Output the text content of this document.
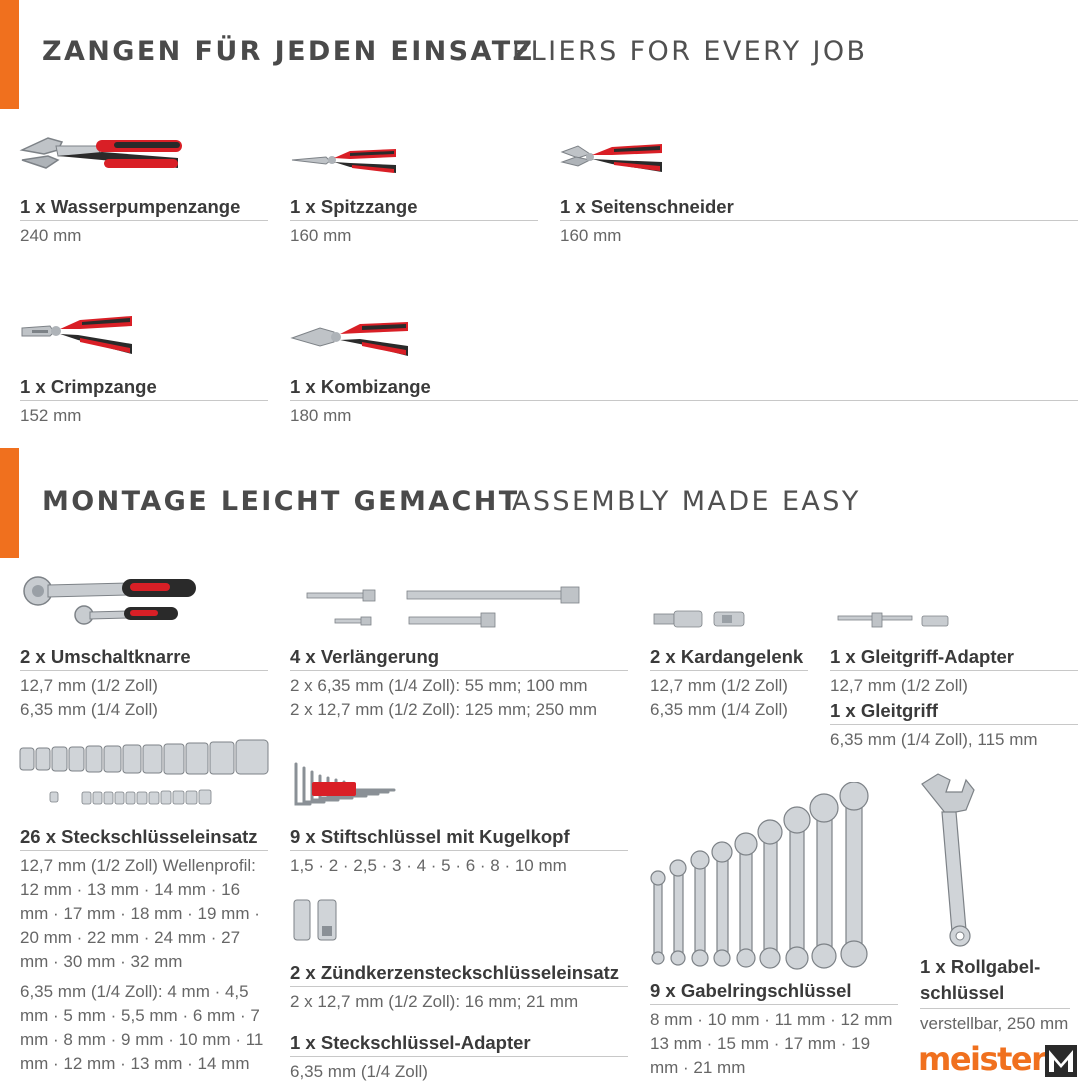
ZANGEN FÜR JEDEN EINSATZ
PLIERS FOR EVERY JOB
MONTAGE LEICHT GEMACHT
ASSEMBLY MADE EASY
1 x Wasserpumpenzange
240 mm
1 x Spitzzange
160 mm
1 x Seitenschneider
160 mm
1 x Crimpzange
152 mm
1 x Kombizange
180 mm
2 x Umschaltknarre
12,7 mm (1/2 Zoll)
6,35 mm (1/4 Zoll)
4 x Verlängerung
2 x 6,35 mm (1/4 Zoll): 55 mm; 100 mm
2 x 12,7 mm (1/2 Zoll): 125 mm; 250 mm
2 x Kardangelenk
12,7 mm (1/2 Zoll)
6,35 mm (1/4 Zoll)
1 x Gleitgriff-Adapter
12,7 mm (1/2 Zoll)
1 x Gleitgriff
6,35 mm (1/4 Zoll), 115 mm
26 x Steckschlüsseleinsatz
12,7 mm (1/2 Zoll) Wellenprofil: 12 mm · 13 mm · 14 mm · 16 mm · 17 mm · 18 mm · 19 mm · 20 mm · 22 mm · 24 mm · 27 mm · 30 mm · 32 mm
6,35 mm (1/4 Zoll): 4 mm · 4,5 mm · 5 mm · 5,5 mm · 6 mm · 7 mm · 8 mm · 9 mm · 10 mm · 11 mm · 12 mm · 13 mm · 14 mm
9 x Stiftschlüssel mit Kugelkopf
1,5 · 2 · 2,5 · 3 · 4 · 5 · 6 · 8 · 10 mm
2 x Zündkerzensteckschlüsseleinsatz
2 x 12,7 mm (1/2 Zoll): 16 mm; 21 mm
1 x Steckschlüssel-Adapter
6,35 mm (1/4 Zoll)
9 x Gabelringschlüssel
8 mm · 10 mm · 11 mm · 12 mm 13 mm · 15 mm · 17 mm · 19 mm · 21 mm
1 x Rollgabel-schlüssel
verstellbar, 250 mm
meister
